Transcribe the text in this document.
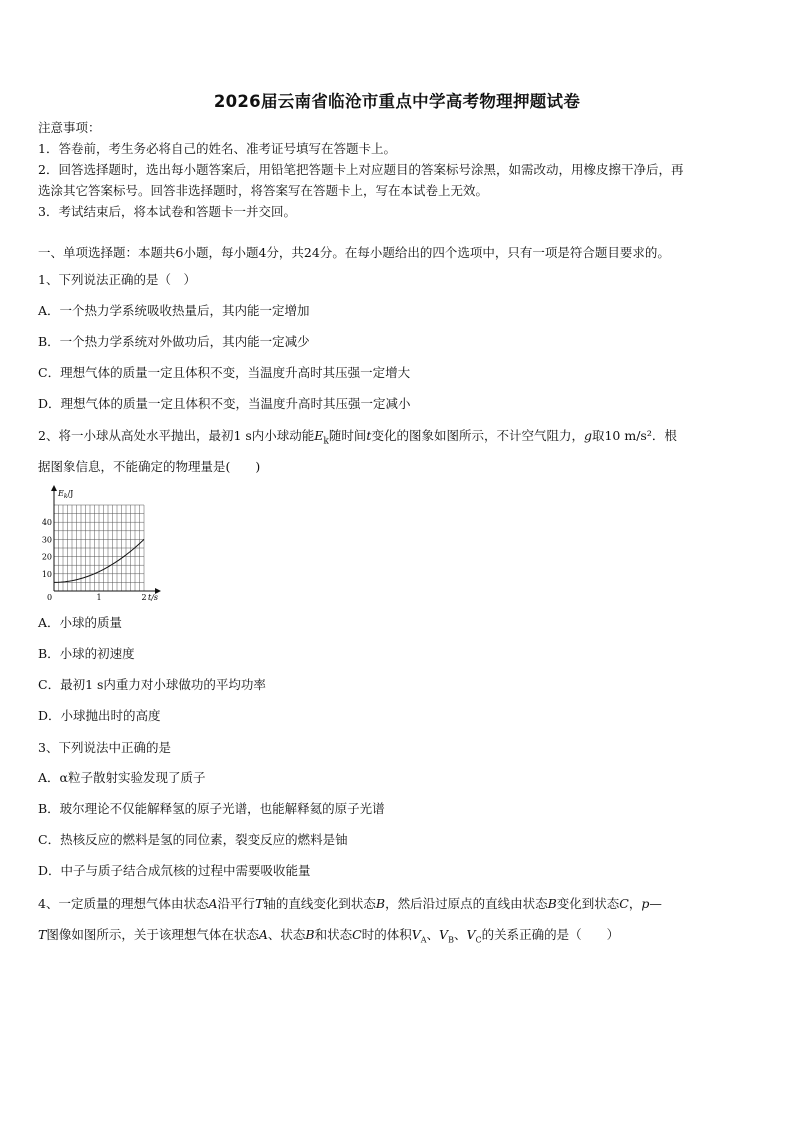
2026届云南省临沧市重点中学高考物理押题试卷
注意事项：
1．答卷前，考生务必将自己的姓名、准考证号填写在答题卡上。
2．回答选择题时，选出每小题答案后，用铅笔把答题卡上对应题目的答案标号涂黑，如需改动，用橡皮擦干净后，再
选涂其它答案标号。回答非选择题时，将答案写在答题卡上，写在本试卷上无效。
3．考试结束后，将本试卷和答题卡一并交回。
一、单项选择题：本题共6小题，每小题4分，共24分。在每小题给出的四个选项中，只有一项是符合题目要求的。
1、下列说法正确的是（　）
A．一个热力学系统吸收热量后，其内能一定增加
B．一个热力学系统对外做功后，其内能一定减少
C．理想气体的质量一定且体积不变，当温度升高时其压强一定增大
D．理想气体的质量一定且体积不变，当温度升高时其压强一定减小
2、将一小球从高处水平抛出，最初1 s内小球动能$E_k$随时间t变化的图象如图所示，不计空气阻力，g取10 m/s²．根
据图象信息，不能确定的物理量是(　　)
$E_k/J$
t/s
0
10
20
30
40
1	2
A．小球的质量
B．小球的初速度
C．最初1 s内重力对小球做功的平均功率
D．小球抛出时的高度
3、下列说法中正确的是
A．α粒子散射实验发现了质子
B．玻尔理论不仅能解释氢的原子光谱，也能解释氦的原子光谱
C．热核反应的燃料是氢的同位素，裂变反应的燃料是铀
D．中子与质子结合成氘核的过程中需要吸收能量
4、一定质量的理想气体由状态A沿平行T轴的直线变化到状态B，然后沿过原点的直线由状态B变化到状态C，p—
T图像如图所示，关于该理想气体在状态A、状态B和状态C时的体积$V_A$、$V_B$、$V_C$的关系正确的是（　　）
